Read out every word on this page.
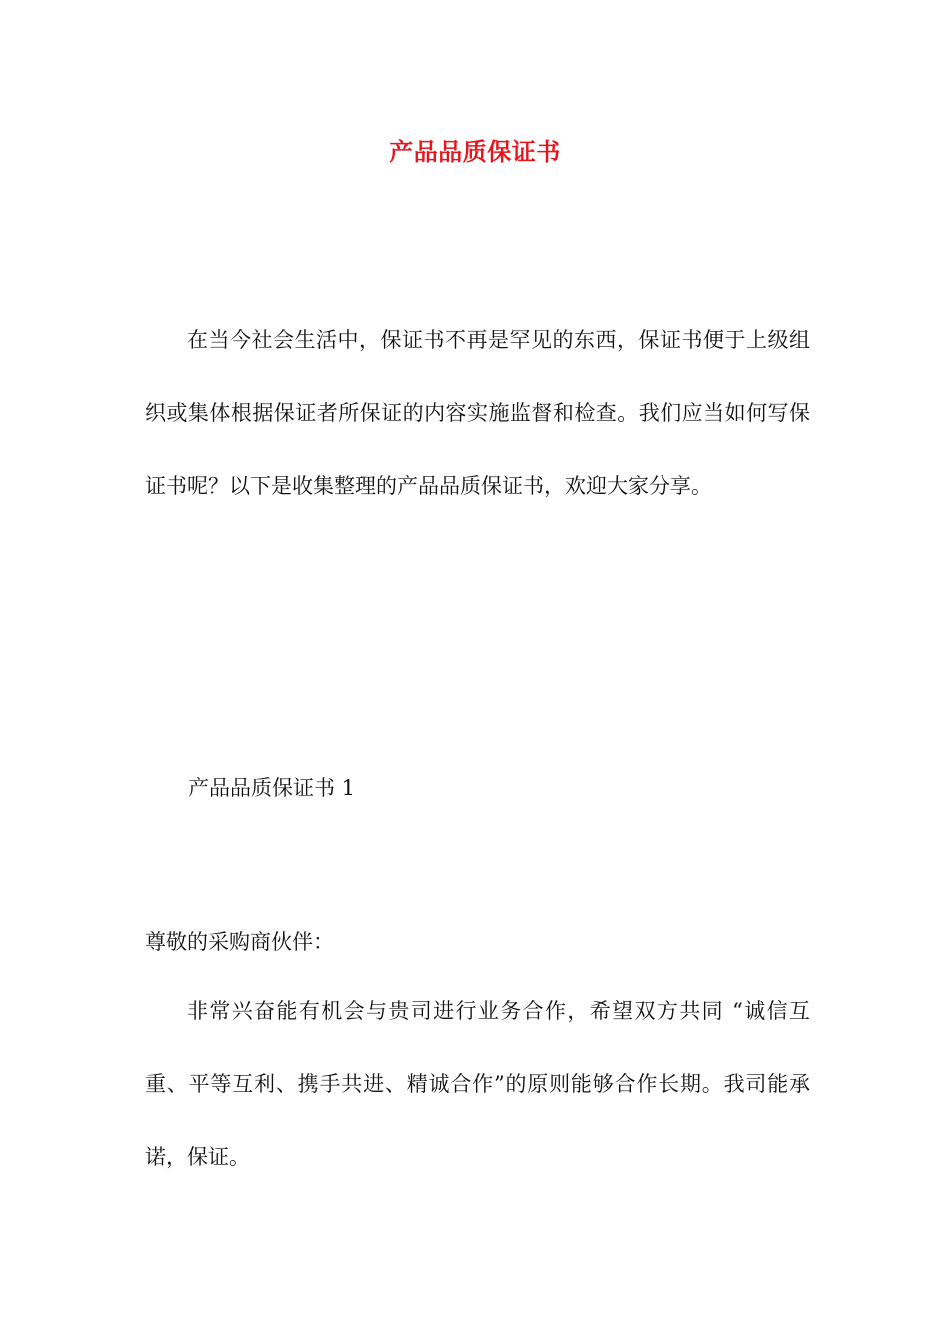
产品品质保证书

在当今社会生活中，保证书不再是罕见的东西，保证书便于上级组织或集体根据保证者所保证的内容实施监督和检查。我们应当如何写保证书呢？以下是收集整理的产品品质保证书，欢迎大家分享。

产品品质保证书 1
尊敬的采购商伙伴：

非常兴奋能有机会与贵司进行业务合作，希望双方共同 “诚信互重、平等互利、携手共进、精诚合作”的原则能够合作长期。我司能承诺，保证。
